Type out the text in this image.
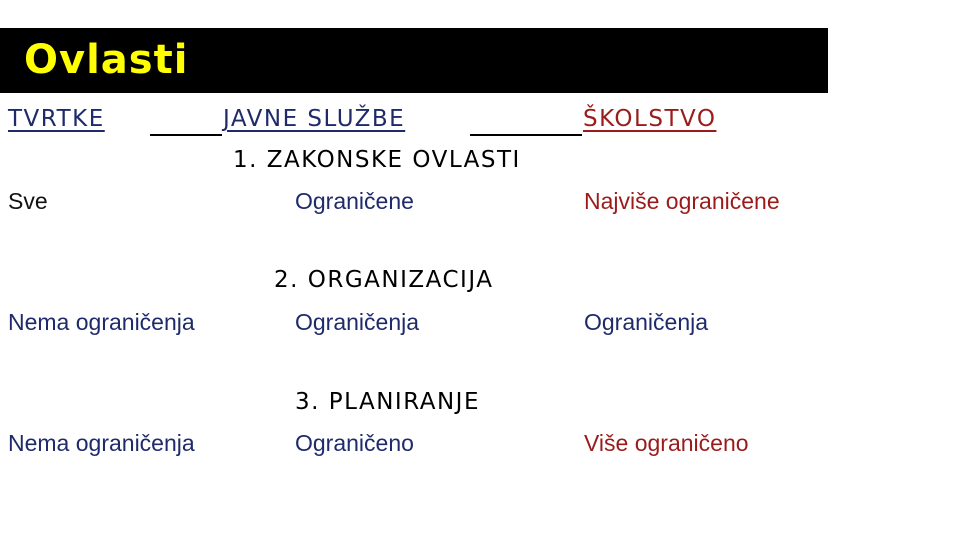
Ovlasti
TVRTKE	JAVNE SLUŽBE	ŠKOLSTVO
1. ZAKONSKE OVLASTI
Sve	Ograničene	Najviše ograničene
2. ORGANIZACIJA
Nema ograničenja	Ograničenja	Ograničenja
3. PLANIRANJE
Nema ograničenja	Ograničeno	Više ograničeno
